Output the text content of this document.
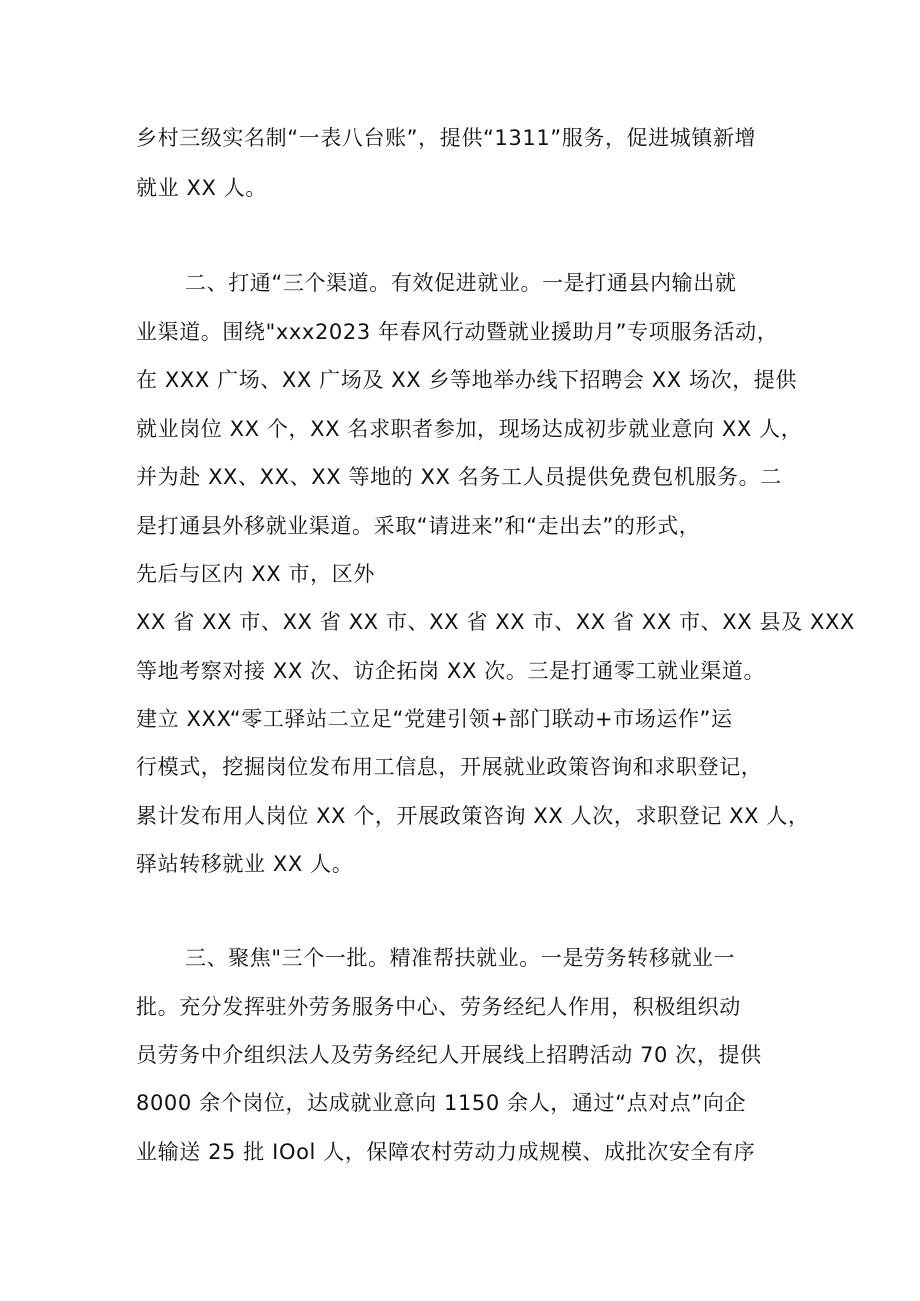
乡村三级实名制“一表八台账”，提供“1311”服务，促进城镇新增
就业 XX 人。
二、打通“三个渠道。有效促进就业。一是打通县内输出就
业渠道。围绕"xxx2023 年春风行动暨就业援助月”专项服务活动，
在 XXX 广场、XX 广场及 XX 乡等地举办线下招聘会 XX 场次，提供
就业岗位 XX 个，XX 名求职者参加，现场达成初步就业意向 XX 人，
并为赴 XX、XX、XX 等地的 XX 名务工人员提供免费包机服务。二
是打通县外移就业渠道。采取“请进来”和“走出去”的形式，
先后与区内 XX 市，区外
XX 省 XX 市、XX 省 XX 市、XX 省 XX 市、XX 省 XX 市、XX 县及 XXX
等地考察对接 XX 次、访企拓岗 XX 次。三是打通零工就业渠道。
建立 XXX“零工驿站二立足“党建引领+部门联动+市场运作”运
行模式，挖掘岗位发布用工信息，开展就业政策咨询和求职登记，
累计发布用人岗位 XX 个，开展政策咨询 XX 人次，求职登记 XX 人，
驿站转移就业 XX 人。
三、聚焦"三个一批。精准帮扶就业。一是劳务转移就业一
批。充分发挥驻外劳务服务中心、劳务经纪人作用，积极组织动
员劳务中介组织法人及劳务经纪人开展线上招聘活动 70 次，提供
8000 余个岗位，达成就业意向 1150 余人，通过“点对点”向企
业输送 25 批 IOol 人，保障农村劳动力成规模、成批次安全有序
